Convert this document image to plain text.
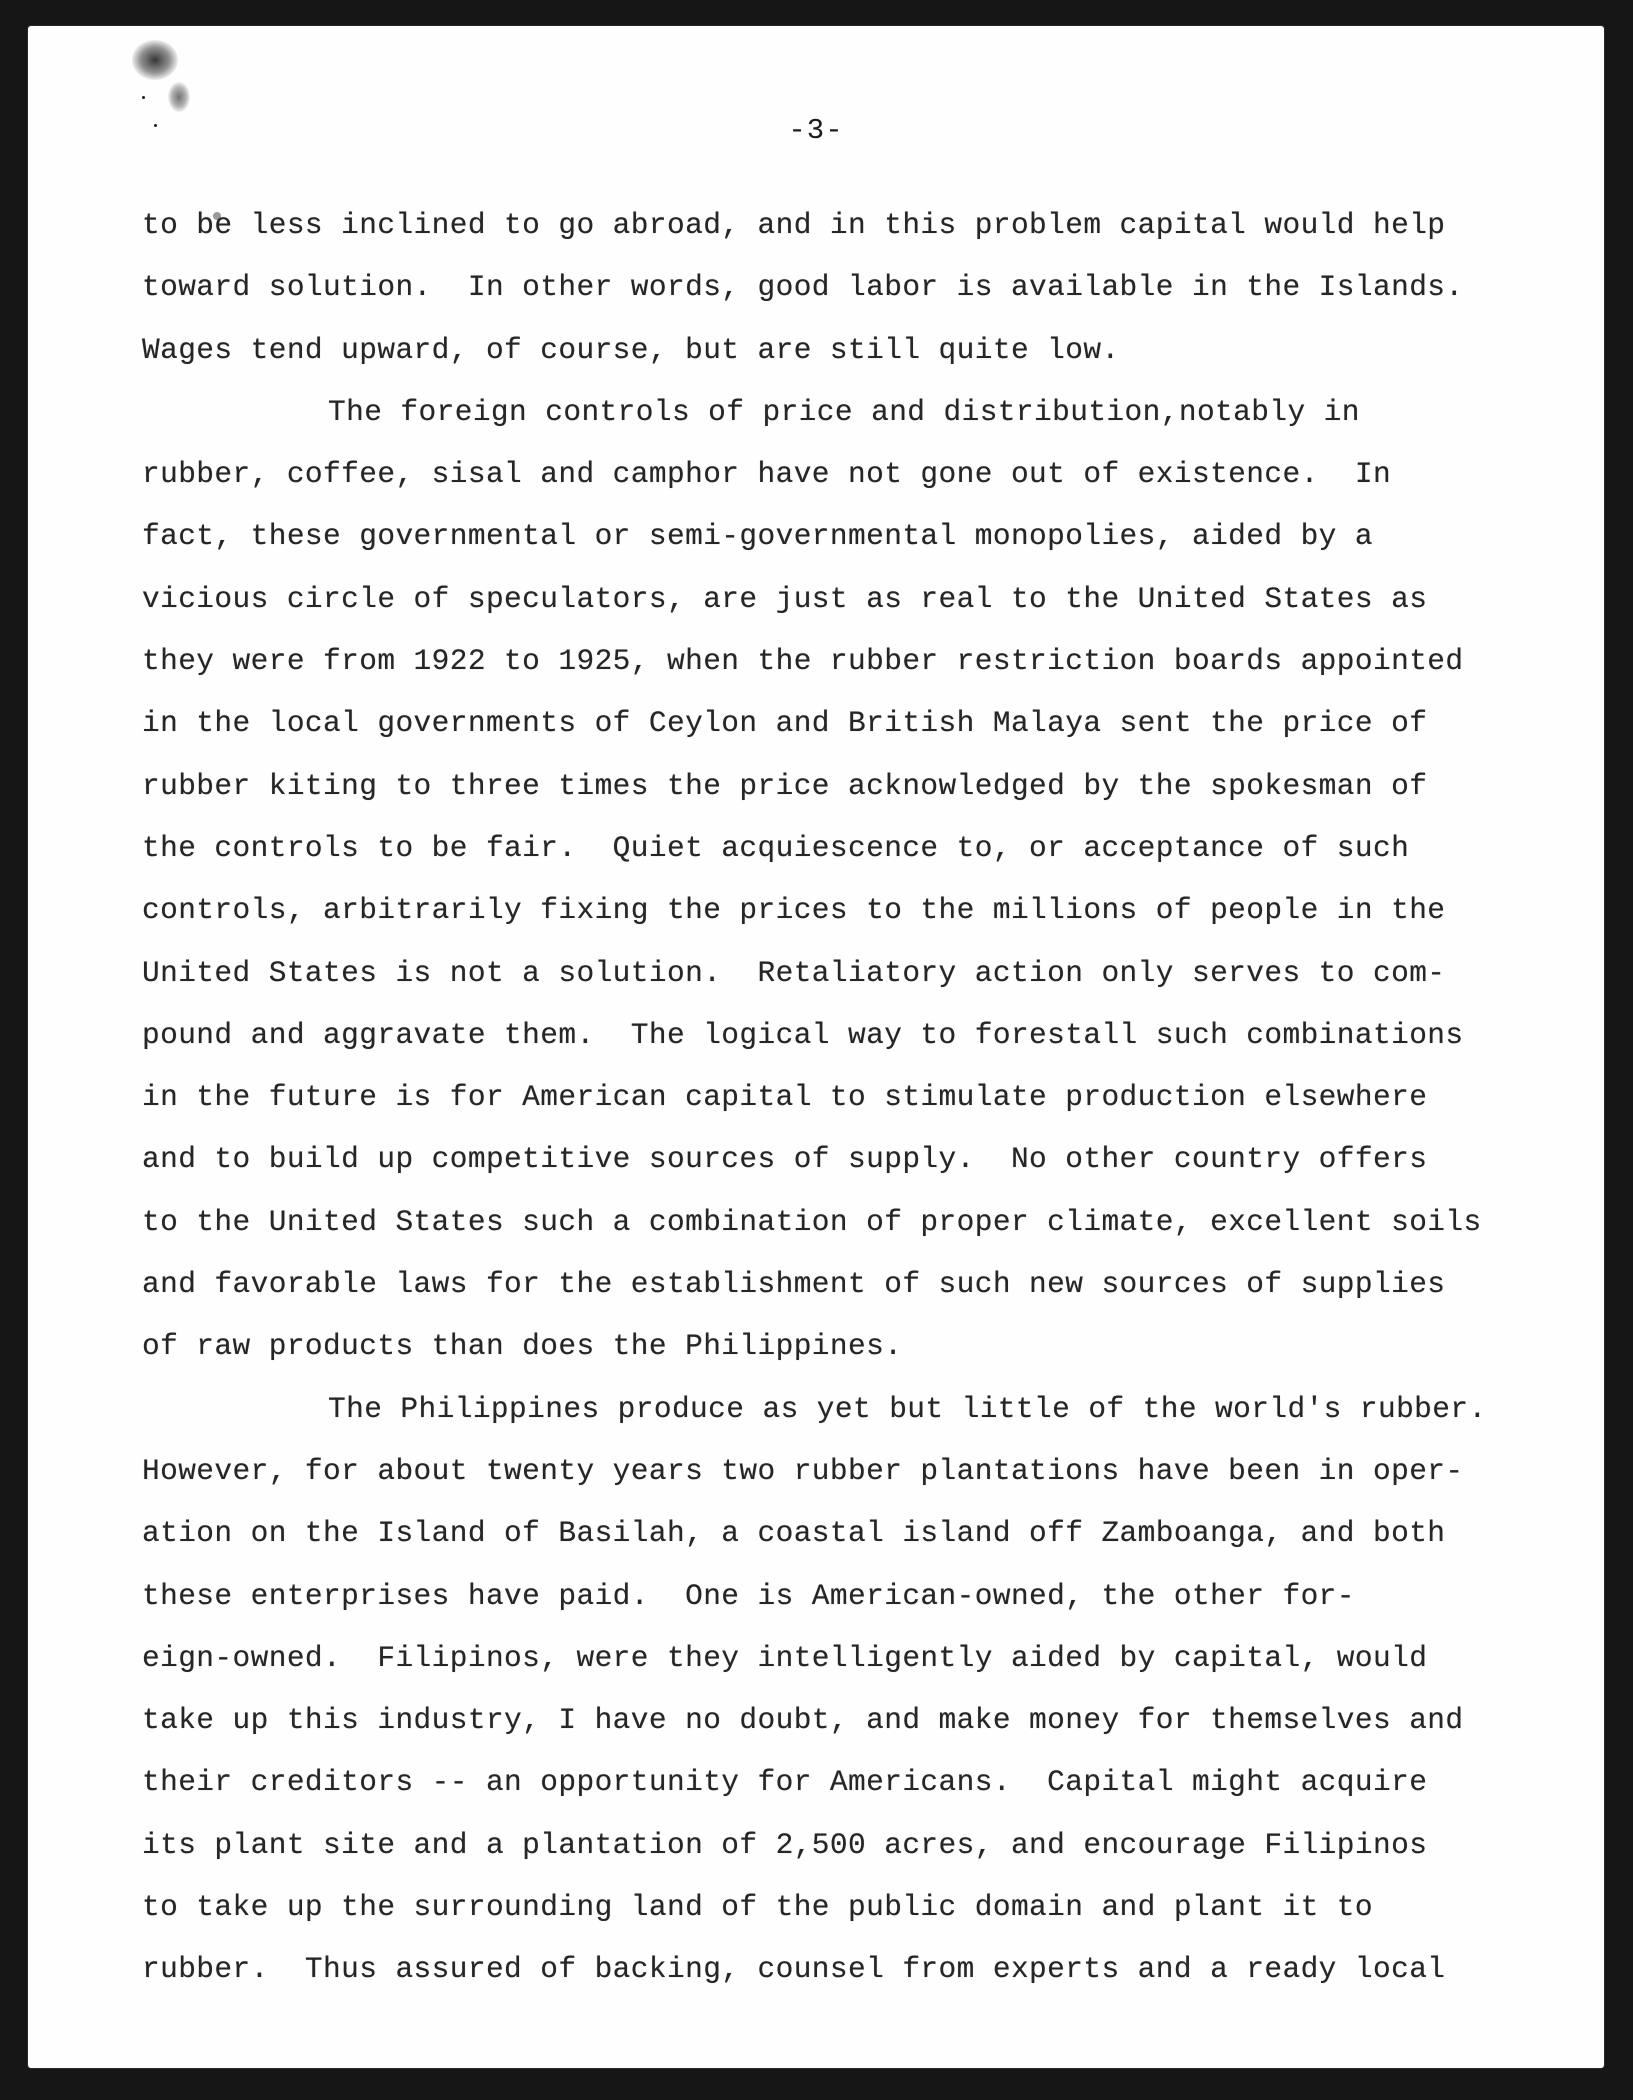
-3-
to be less inclined to go abroad, and in this problem capital would help
toward solution.  In other words, good labor is available in the Islands.
Wages tend upward, of course, but are still quite low.
The foreign controls of price and distribution,notably in
rubber, coffee, sisal and camphor have not gone out of existence.  In
fact, these governmental or semi-governmental monopolies, aided by a
vicious circle of speculators, are just as real to the United States as
they were from 1922 to 1925, when the rubber restriction boards appointed
in the local governments of Ceylon and British Malaya sent the price of
rubber kiting to three times the price acknowledged by the spokesman of
the controls to be fair.  Quiet acquiescence to, or acceptance of such
controls, arbitrarily fixing the prices to the millions of people in the
United States is not a solution.  Retaliatory action only serves to com-
pound and aggravate them.  The logical way to forestall such combinations
in the future is for American capital to stimulate production elsewhere
and to build up competitive sources of supply.  No other country offers
to the United States such a combination of proper climate, excellent soils
and favorable laws for the establishment of such new sources of supplies
of raw products than does the Philippines.
The Philippines produce as yet but little of the world's rubber.
However, for about twenty years two rubber plantations have been in oper-
ation on the Island of Basilah, a coastal island off Zamboanga, and both
these enterprises have paid.  One is American-owned, the other for-
eign-owned.  Filipinos, were they intelligently aided by capital, would
take up this industry, I have no doubt, and make money for themselves and
their creditors -- an opportunity for Americans.  Capital might acquire
its plant site and a plantation of 2,500 acres, and encourage Filipinos
to take up the surrounding land of the public domain and plant it to
rubber.  Thus assured of backing, counsel from experts and a ready local
